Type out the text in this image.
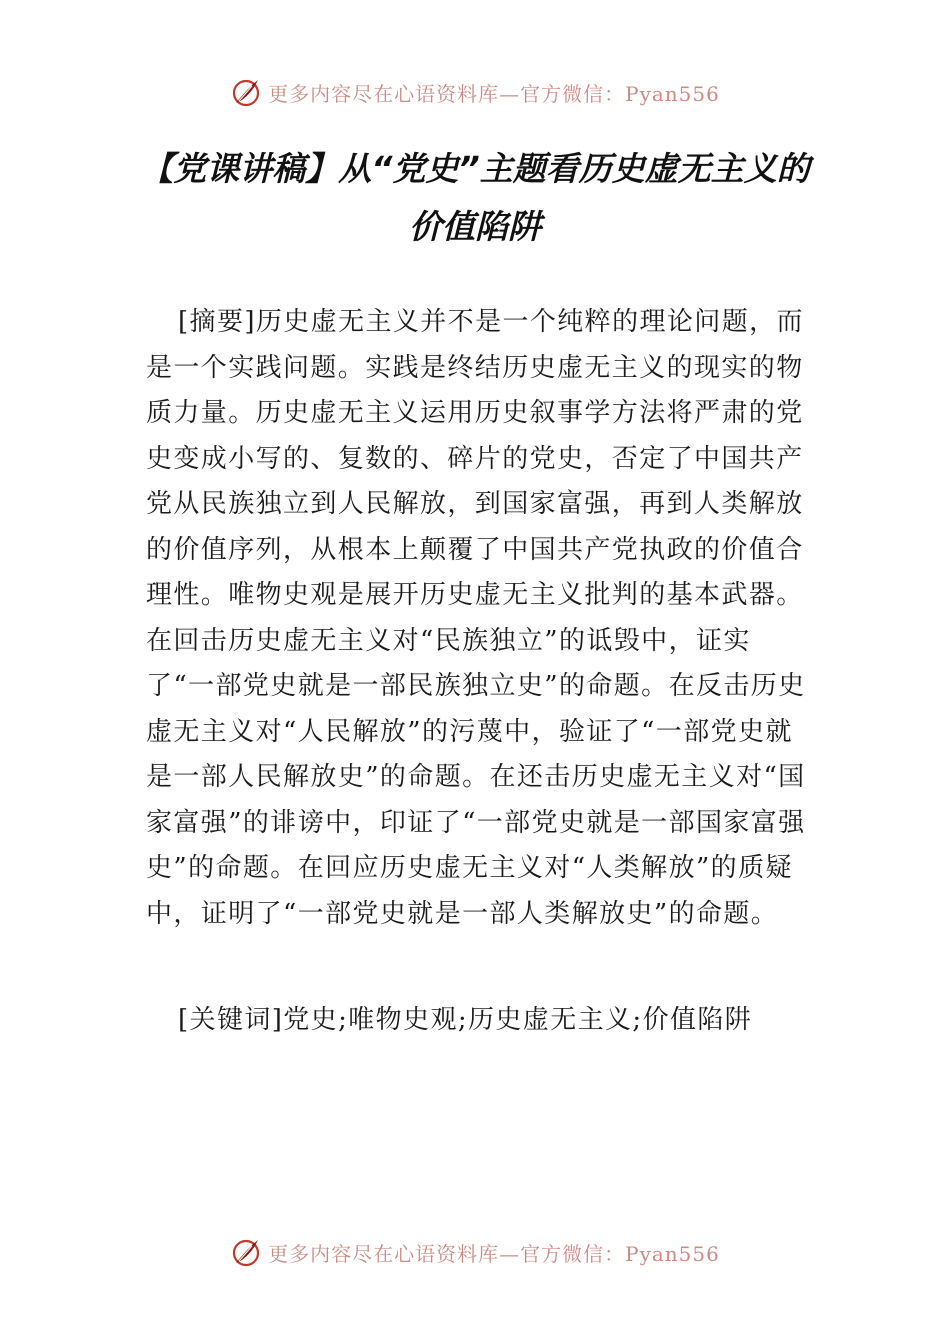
更多内容尽在心语资料库—官方微信：Pyan556
【党课讲稿】从“党史”主题看历史虚无主义的价值陷阱

[摘要]历史虚无主义并不是一个纯粹的理论问题，而是一个实践问题。实践是终结历史虚无主义的现实的物质力量。历史虚无主义运用历史叙事学方法将严肃的党史变成小写的、复数的、碎片的党史，否定了中国共产党从民族独立到人民解放，到国家富强，再到人类解放的价值序列，从根本上颠覆了中国共产党执政的价值合理性。唯物史观是展开历史虚无主义批判的基本武器。在回击历史虚无主义对“民族独立”的诋毁中，证实了“一部党史就是一部民族独立史”的命题。在反击历史虚无主义对“人民解放”的污蔑中，验证了“一部党史就是一部人民解放史”的命题。在还击历史虚无主义对“国家富强”的诽谤中，印证了“一部党史就是一部国家富强史”的命题。在回应历史虚无主义对“人类解放”的质疑中，证明了“一部党史就是一部人类解放史”的命题。

[关键词]党史;唯物史观;历史虚无主义;价值陷阱

更多内容尽在心语资料库—官方微信：Pyan556
